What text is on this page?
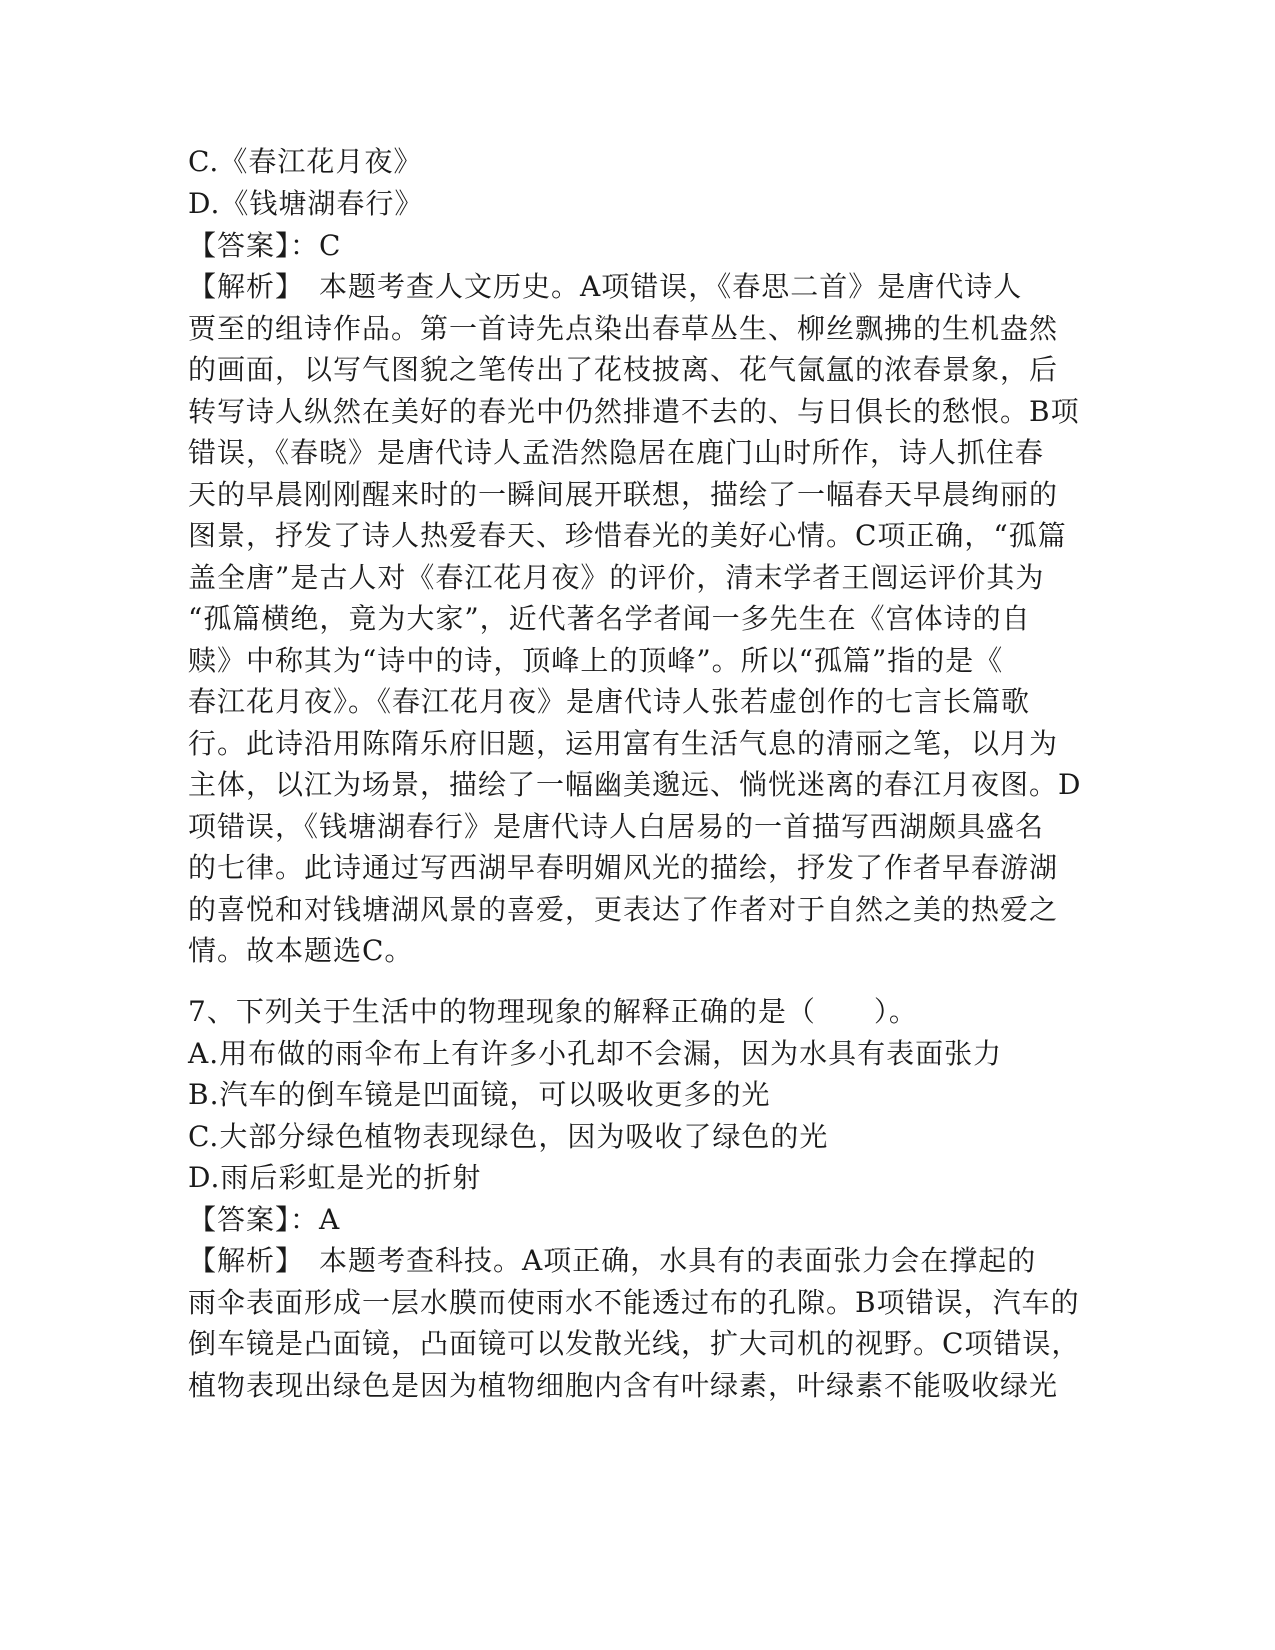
C.《春江花月夜》
D.《钱塘湖春行》
【答案】：C
【解析】　本题考查人文历史。A项错误，《春思二首》是唐代诗人
贾至的组诗作品。第一首诗先点染出春草丛生、柳丝飘拂的生机盎然
的画面，以写气图貌之笔传出了花枝披离、花气氤氲的浓春景象，后
转写诗人纵然在美好的春光中仍然排遣不去的、与日俱长的愁恨。B项
错误，《春晓》是唐代诗人孟浩然隐居在鹿门山时所作，诗人抓住春
天的早晨刚刚醒来时的一瞬间展开联想，描绘了一幅春天早晨绚丽的
图景，抒发了诗人热爱春天、珍惜春光的美好心情。C项正确，“孤篇
盖全唐”是古人对《春江花月夜》的评价，清末学者王闿运评价其为
“孤篇横绝，竟为大家”，近代著名学者闻一多先生在《宫体诗的自
赎》中称其为“诗中的诗，顶峰上的顶峰”。所以“孤篇”指的是《
春江花月夜》。《春江花月夜》是唐代诗人张若虚创作的七言长篇歌
行。此诗沿用陈隋乐府旧题，运用富有生活气息的清丽之笔，以月为
主体，以江为场景，描绘了一幅幽美邈远、惝恍迷离的春江月夜图。D
项错误，《钱塘湖春行》是唐代诗人白居易的一首描写西湖颇具盛名
的七律。此诗通过写西湖早春明媚风光的描绘，抒发了作者早春游湖
的喜悦和对钱塘湖风景的喜爱，更表达了作者对于自然之美的热爱之
情。故本题选C。
7、下列关于生活中的物理现象的解释正确的是（　　）。
A.用布做的雨伞布上有许多小孔却不会漏，因为水具有表面张力
B.汽车的倒车镜是凹面镜，可以吸收更多的光
C.大部分绿色植物表现绿色，因为吸收了绿色的光
D.雨后彩虹是光的折射
【答案】：A
【解析】　本题考查科技。A项正确，水具有的表面张力会在撑起的
雨伞表面形成一层水膜而使雨水不能透过布的孔隙。B项错误，汽车的
倒车镜是凸面镜，凸面镜可以发散光线，扩大司机的视野。C项错误，
植物表现出绿色是因为植物细胞内含有叶绿素，叶绿素不能吸收绿光
